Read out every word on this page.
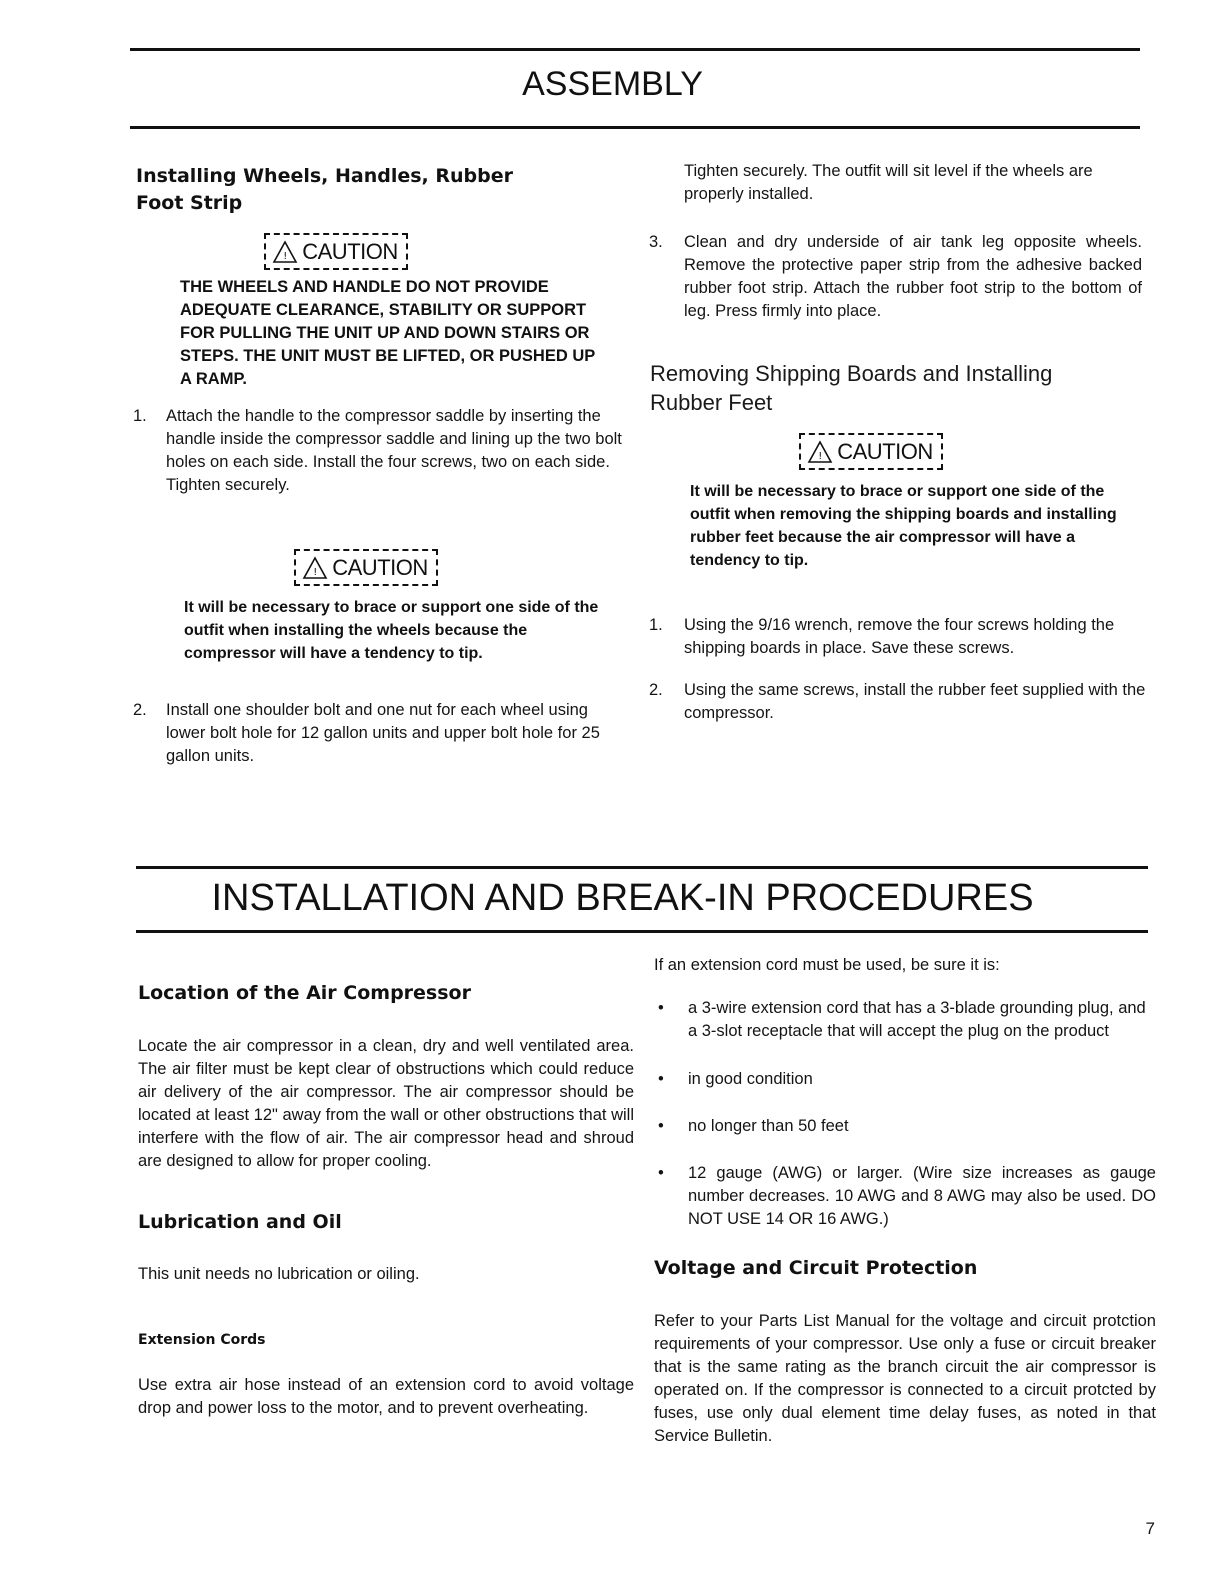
ASSEMBLY
Installing Wheels, Handles, Rubber Foot Strip
! CAUTION

THE WHEELS AND HANDLE DO NOT PROVIDE ADEQUATE CLEARANCE, STABILITY OR SUPPORT FOR PULLING THE UNIT UP AND DOWN STAIRS OR STEPS. THE UNIT MUST BE LIFTED, OR PUSHED UP A RAMP.

1. Attach the handle to the compressor saddle by inserting the handle inside the compressor saddle and lining up the two bolt holes on each side. Install the four screws, two on each side. Tighten securely.

! CAUTION

It will be necessary to brace or support one side of the outfit when installing the wheels because the compressor will have a tendency to tip.

2. Install one shoulder bolt and one nut for each wheel using lower bolt hole for 12 gallon units and upper bolt hole for 25 gallon units.

Tighten securely. The outfit will sit level if the wheels are properly installed.

3. Clean and dry underside of air tank leg opposite wheels. Remove the protective paper strip from the adhesive backed rubber foot strip. Attach the rubber foot strip to the bottom of leg. Press firmly into place.

Removing Shipping Boards and Installing Rubber Feet
! CAUTION

It will be necessary to brace or support one side of the outfit when removing the shipping boards and installing rubber feet because the air compressor will have a tendency to tip.

1. Using the 9/16 wrench, remove the four screws holding the shipping boards in place. Save these screws.

2. Using the same screws, install the rubber feet supplied with the compressor.

INSTALLATION AND BREAK-IN PROCEDURES
Location of the Air Compressor

Locate the air compressor in a clean, dry and well ventilated area. The air filter must be kept clear of obstructions which could reduce air delivery of the air compressor. The air compressor should be located at least 12" away from the wall or other obstructions that will interfere with the flow of air. The air compressor head and shroud are designed to allow for proper cooling.

Lubrication and Oil

This unit needs no lubrication or oiling.

Extension Cords

Use extra air hose instead of an extension cord to avoid voltage drop and power loss to the motor, and to prevent overheating.

If an extension cord must be used, be sure it is:

• a 3-wire extension cord that has a 3-blade grounding plug, and a 3-slot receptacle that will accept the plug on the product

• in good condition

• no longer than 50 feet

• 12 gauge (AWG) or larger. (Wire size increases as gauge number decreases. 10 AWG and 8 AWG may also be used. DO NOT USE 14 OR 16 AWG.)

Voltage and Circuit Protection

Refer to your Parts List Manual for the voltage and circuit protction requirements of your compressor. Use only a fuse or circuit breaker that is the same rating as the branch circuit the air compressor is operated on. If the compressor is connected to a circuit protcted by fuses, use only dual element time delay fuses, as noted in that Service Bulletin.

7
